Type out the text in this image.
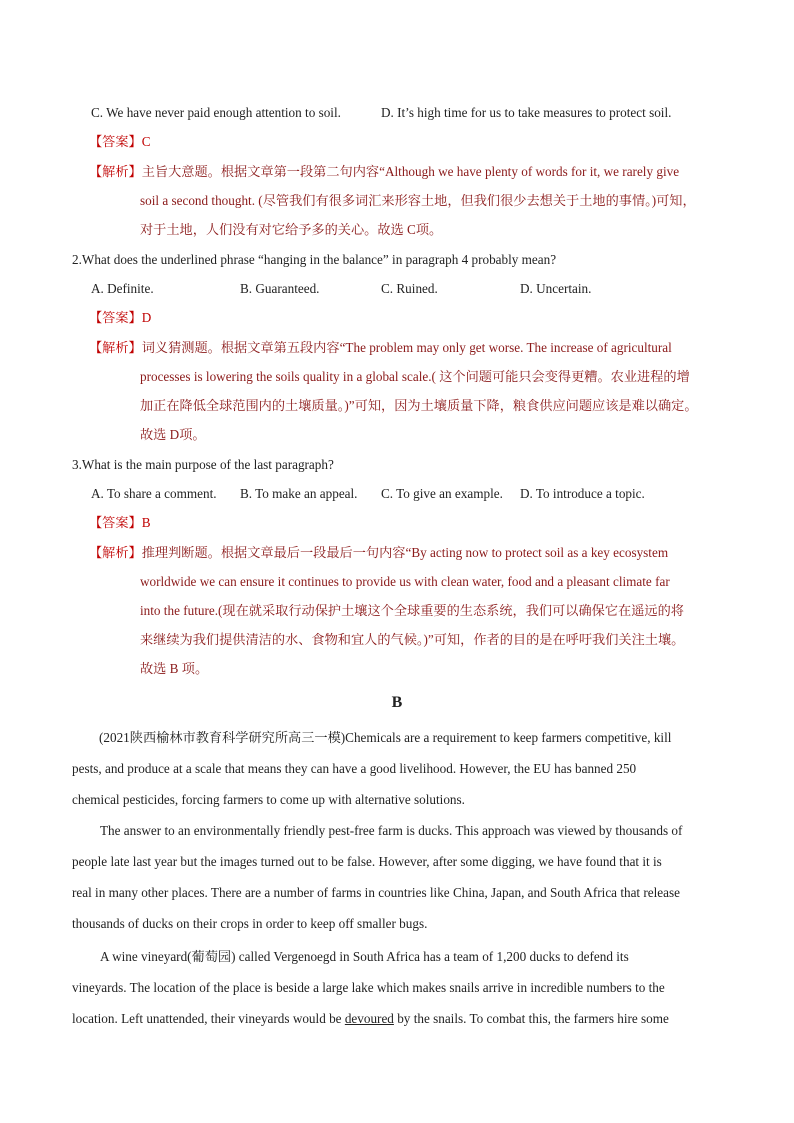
C. We have never paid enough attention to soil.	D. It’s high time for us to take measures to protect soil.
【答案】C
【解析】主旨大意题。根据文章第一段第二句内容“Although we have plenty of words for it, we rarely give
soil a second thought. (尽管我们有很多词汇来形容土地，但我们很少去想关于土地的事情。)可知，
对于土地，人们没有对它给予多的关心。故选 C项。
2.What does the underlined phrase “hanging in the balance” in paragraph 4 probably mean?
A. Definite.	B. Guaranteed.	C. Ruined.	D. Uncertain.
【答案】D
【解析】词义猜测题。根据文章第五段内容“The problem may only get worse. The increase of agricultural
processes is lowering the soils quality in a global scale.( 这个问题可能只会变得更糟。农业进程的增
加正在降低全球范围内的土壤质量。)”可知，因为土壤质量下降，粮食供应问题应该是难以确定。
故选 D项。
3.What is the main purpose of the last paragraph?
A. To share a comment. B. To make an appeal. C. To give an example. D. To introduce a topic.
【答案】B
【解析】推理判断题。根据文章最后一段最后一句内容“By acting now to protect soil as a key ecosystem
worldwide we can ensure it continues to provide us with clean water, food and a pleasant climate far
into the future.(现在就采取行动保护土壤这个全球重要的生态系统，我们可以确保它在遥远的将
来继续为我们提供清洁的水、食物和宜人的气候。)”可知，作者的目的是在呼吁我们关注土壤。
故选 B 项。
B
(2021陕西榆林市教育科学研究所高三一模)Chemicals are a requirement to keep farmers competitive, kill
pests, and produce at a scale that means they can have a good livelihood. However, the EU has banned 250
chemical pesticides, forcing farmers to come up with alternative solutions.
The answer to an environmentally friendly pest-free farm is ducks. This approach was viewed by thousands of
people late last year but the images turned out to be false. However, after some digging, we have found that it is
real in many other places. There are a number of farms in countries like China, Japan, and South Africa that release
thousands of ducks on their crops in order to keep off smaller bugs.
A wine vineyard(葡萄园) called Vergenoegd in South Africa has a team of 1,200 ducks to defend its
vineyards. The location of the place is beside a large lake which makes snails arrive in incredible numbers to the
location. Left unattended, their vineyards would be devoured by the snails. To combat this, the farmers hire some
